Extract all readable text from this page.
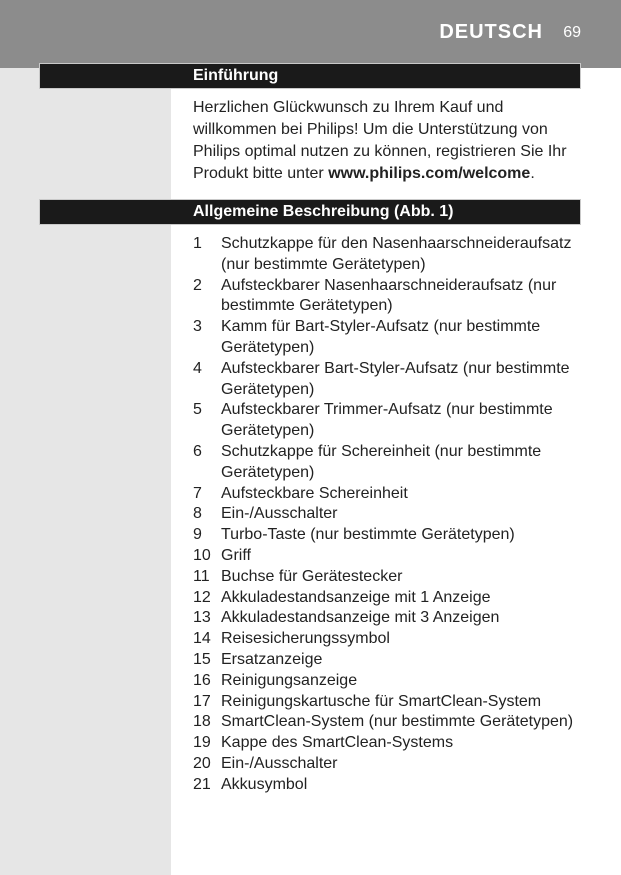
DEUTSCH 69
Einführung

Herzlichen Glückwunsch zu Ihrem Kauf und willkommen bei Philips! Um die Unterstützung von Philips optimal nutzen zu können, registrieren Sie Ihr Produkt bitte unter www.philips.com/welcome.

Allgemeine Beschreibung (Abb. 1)
1	Schutzkappe für den Nasenhaarschneideraufsatz (nur bestimmte Gerätetypen)
2	Aufsteckbarer Nasenhaarschneideraufsatz (nur bestimmte Gerätetypen)
3	Kamm für Bart-Styler-Aufsatz (nur bestimmte Gerätetypen)
4	Aufsteckbarer Bart-Styler-Aufsatz (nur bestimmte Gerätetypen)
5	Aufsteckbarer Trimmer-Aufsatz (nur bestimmte Gerätetypen)
6	Schutzkappe für Schereinheit (nur bestimmte Gerätetypen)
7	Aufsteckbare Schereinheit
8	Ein-/Ausschalter
9	Turbo-Taste (nur bestimmte Gerätetypen)
10 Griff
11 Buchse für Gerätestecker
12 Akkuladestandsanzeige mit 1 Anzeige
13 Akkuladestandsanzeige mit 3 Anzeigen
14 Reisesicherungssymbol
15 Ersatzanzeige
16 Reinigungsanzeige
17 Reinigungskartusche für SmartClean-System
18 SmartClean-System (nur bestimmte Gerätetypen)
19 Kappe des SmartClean-Systems
20 Ein-/Ausschalter
21 Akkusymbol
